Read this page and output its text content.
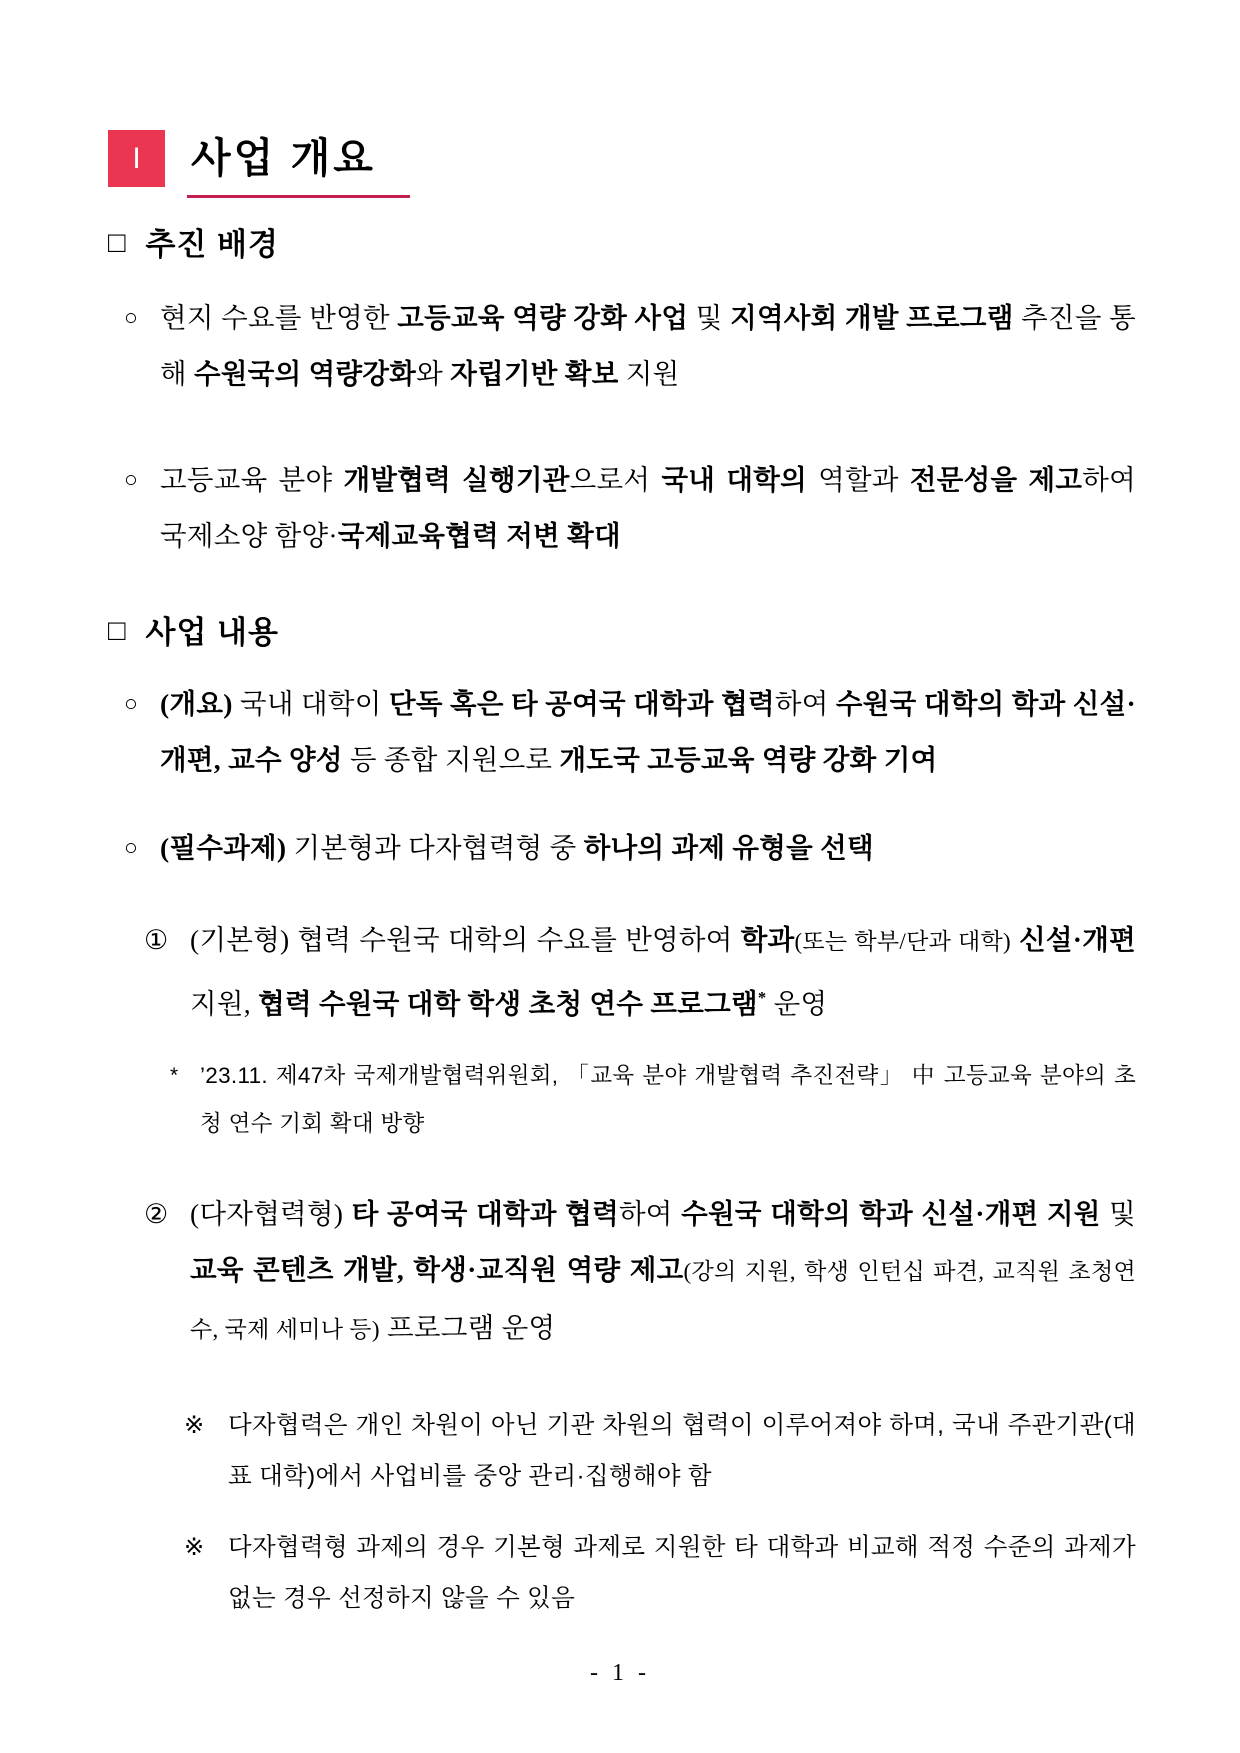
I 사업 개요
□ 추진 배경
○ 현지 수요를 반영한 고등교육 역량 강화 사업 및 지역사회 개발 프로그램 추진을 통해 수원국의 역량강화와 자립기반 확보 지원
○ 고등교육 분야 개발협력 실행기관으로서 국내 대학의 역할과 전문성을 제고하여 국제소양 함양·국제교육협력 저변 확대
□ 사업 내용
○ (개요) 국내 대학이 단독 혹은 타 공여국 대학과 협력하여 수원국 대학의 학과 신설·개편, 교수 양성 등 종합 지원으로 개도국 고등교육 역량 강화 기여
○ (필수과제) 기본형과 다자협력형 중 하나의 과제 유형을 선택
① (기본형) 협력 수원국 대학의 수요를 반영하여 학과(또는 학부/단과 대학) 신설·개편 지원, 협력 수원국 대학 학생 초청 연수 프로그램* 운영
* ’23.11. 제47차 국제개발협력위원회, 「교육 분야 개발협력 추진전략」 中 고등교육 분야의 초청 연수 기회 확대 방향
② (다자협력형) 타 공여국 대학과 협력하여 수원국 대학의 학과 신설·개편 지원 및 교육 콘텐츠 개발, 학생·교직원 역량 제고(강의 지원, 학생 인턴십 파견, 교직원 초청연수, 국제 세미나 등) 프로그램 운영
※ 다자협력은 개인 차원이 아닌 기관 차원의 협력이 이루어져야 하며, 국내 주관기관(대표 대학)에서 사업비를 중앙 관리·집행해야 함
※ 다자협력형 과제의 경우 기본형 과제로 지원한 타 대학과 비교해 적정 수준의 과제가 없는 경우 선정하지 않을 수 있음
- 1 -
